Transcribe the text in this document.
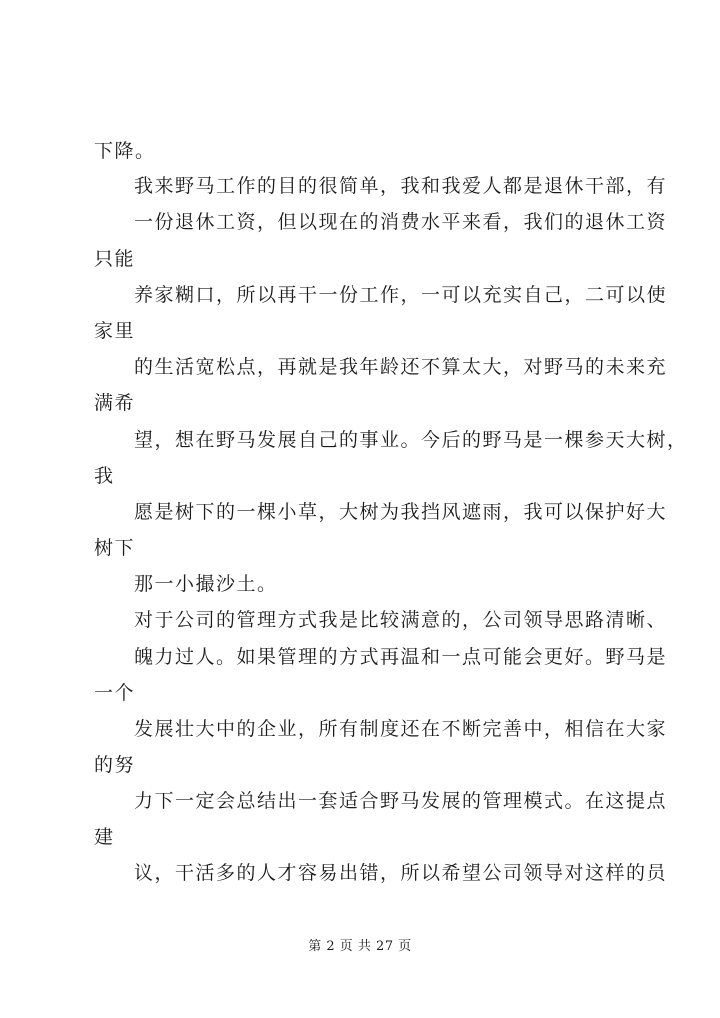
下降。
我来野马工作的目的很简单，我和我爱人都是退休干部，有
一份退休工资，但以现在的消费水平来看，我们的退休工资
只能
养家糊口，所以再干一份工作，一可以充实自己，二可以使
家里
的生活宽松点，再就是我年龄还不算太大，对野马的未来充
满希
望，想在野马发展自己的事业。今后的野马是一棵参天大树，
我
愿是树下的一棵小草，大树为我挡风遮雨，我可以保护好大
树下
那一小撮沙土。
对于公司的管理方式我是比较满意的，公司领导思路清晰、
魄力过人。如果管理的方式再温和一点可能会更好。野马是
一个
发展壮大中的企业，所有制度还在不断完善中，相信在大家
的努
力下一定会总结出一套适合野马发展的管理模式。在这提点
建
议，干活多的人才容易出错，所以希望公司领导对这样的员
第 2 页 共 27 页
